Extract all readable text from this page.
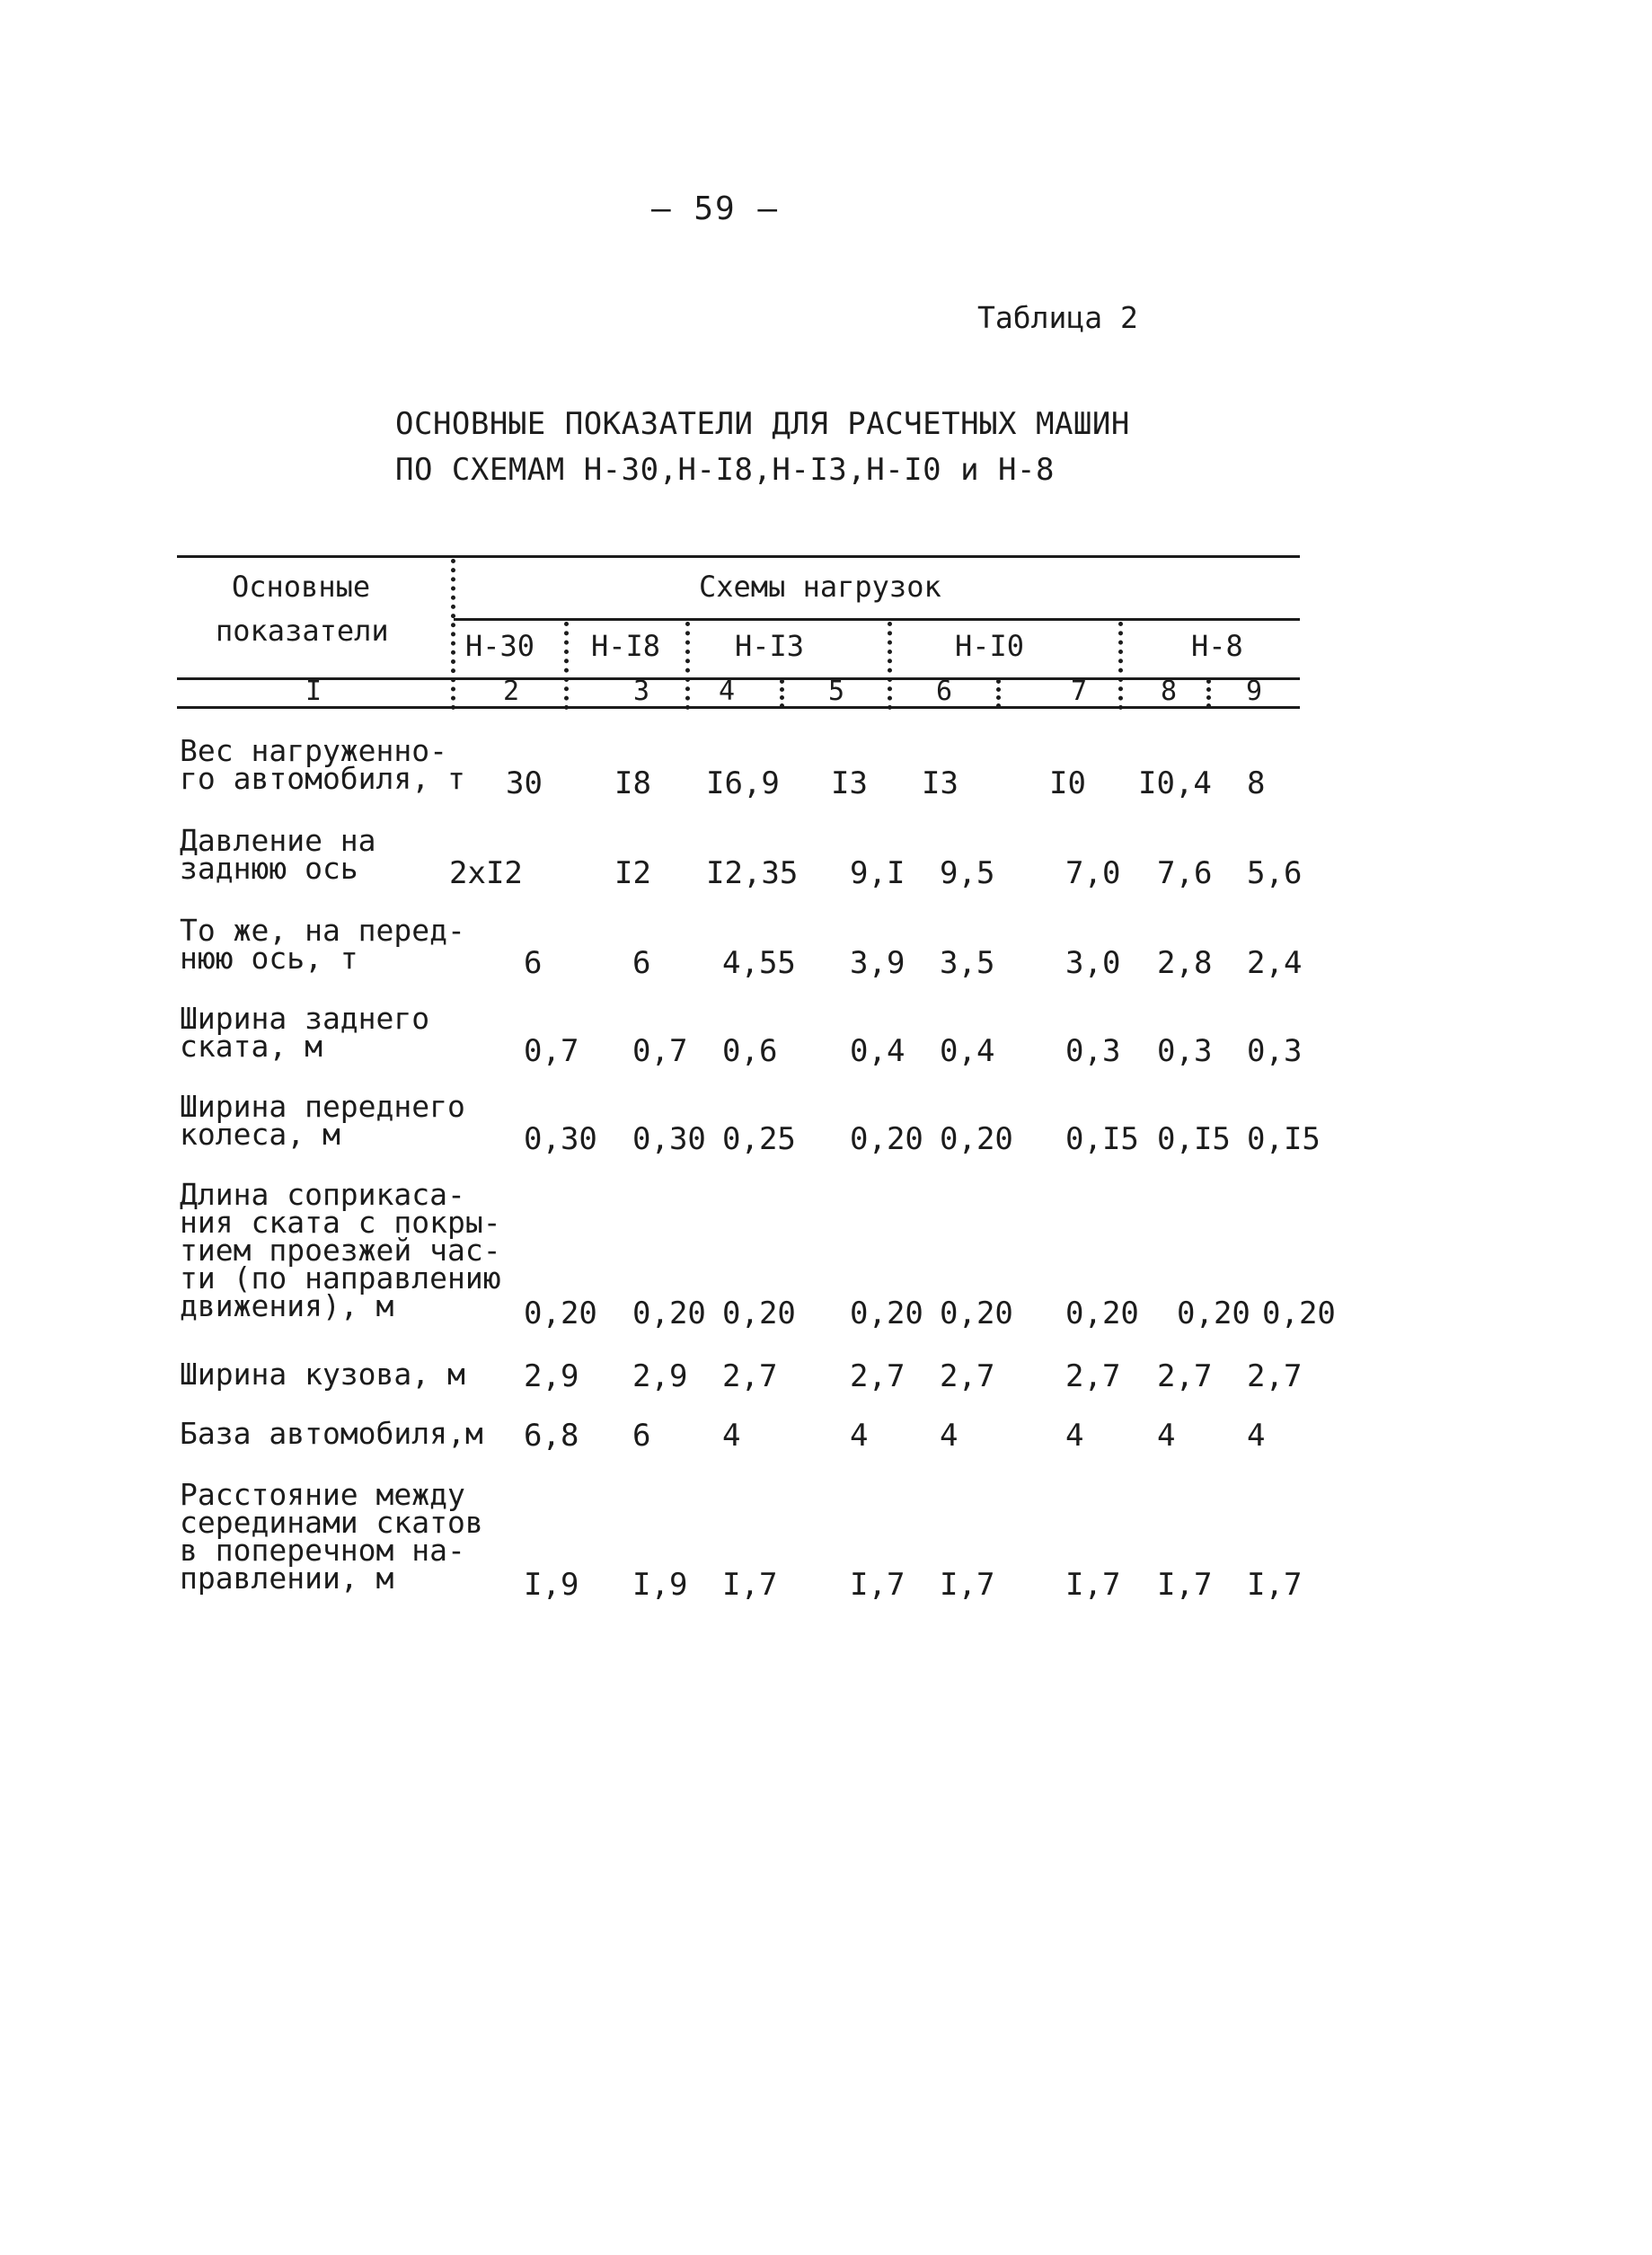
— 59 —
Таблица 2
ОСНОВНЫЕ ПОКАЗАТЕЛИ ДЛЯ РАСЧЕТНЫХ МАШИН
ПО СХЕМАМ Н-30,Н-I8,Н-I3,Н-I0 и Н-8
Основные
показатели
Схемы нагрузок
Н-30 Н-I8	Н-I3	Н-I0	Н-8
I	2	3	4	5	6	7	8	9
Вес нагруженно-
го автомобиля, т 30 I8 I6,9 I3 I3	I0 I0,4 8
Давление на
заднюю ось	2хI2	I2 I2,35 9,I 9,5 7,0 7,6 5,6
То же, на перед-
нюю ось, т	6	6 4,55 3,9 3,5 3,0 2,8 2,4
Ширина заднего
ската, м	0,7 0,7 0,6 0,4 0,4 0,3 0,3 0,3
Ширина переднего
колеса, м	0,30 0,30 0,25 0,20 0,20 0,I5 0,I5 0,I5
Длина соприкаса-
ния ската с покры-
тием проезжей час-
ти (по направлению
движения), м	0,20 0,20 0,20 0,20 0,20 0,20 0,20 0,20
Ширина кузова, м 2,9 2,9 2,7 2,7 2,7 2,7 2,7 2,7
База автомобиля,м 6,8 6 4	4 4	4 4 4
Расстояние между
серединами скатов
в поперечном на-
правлении, м	I,9 I,9 I,7 I,7 I,7 I,7 I,7 I,7
